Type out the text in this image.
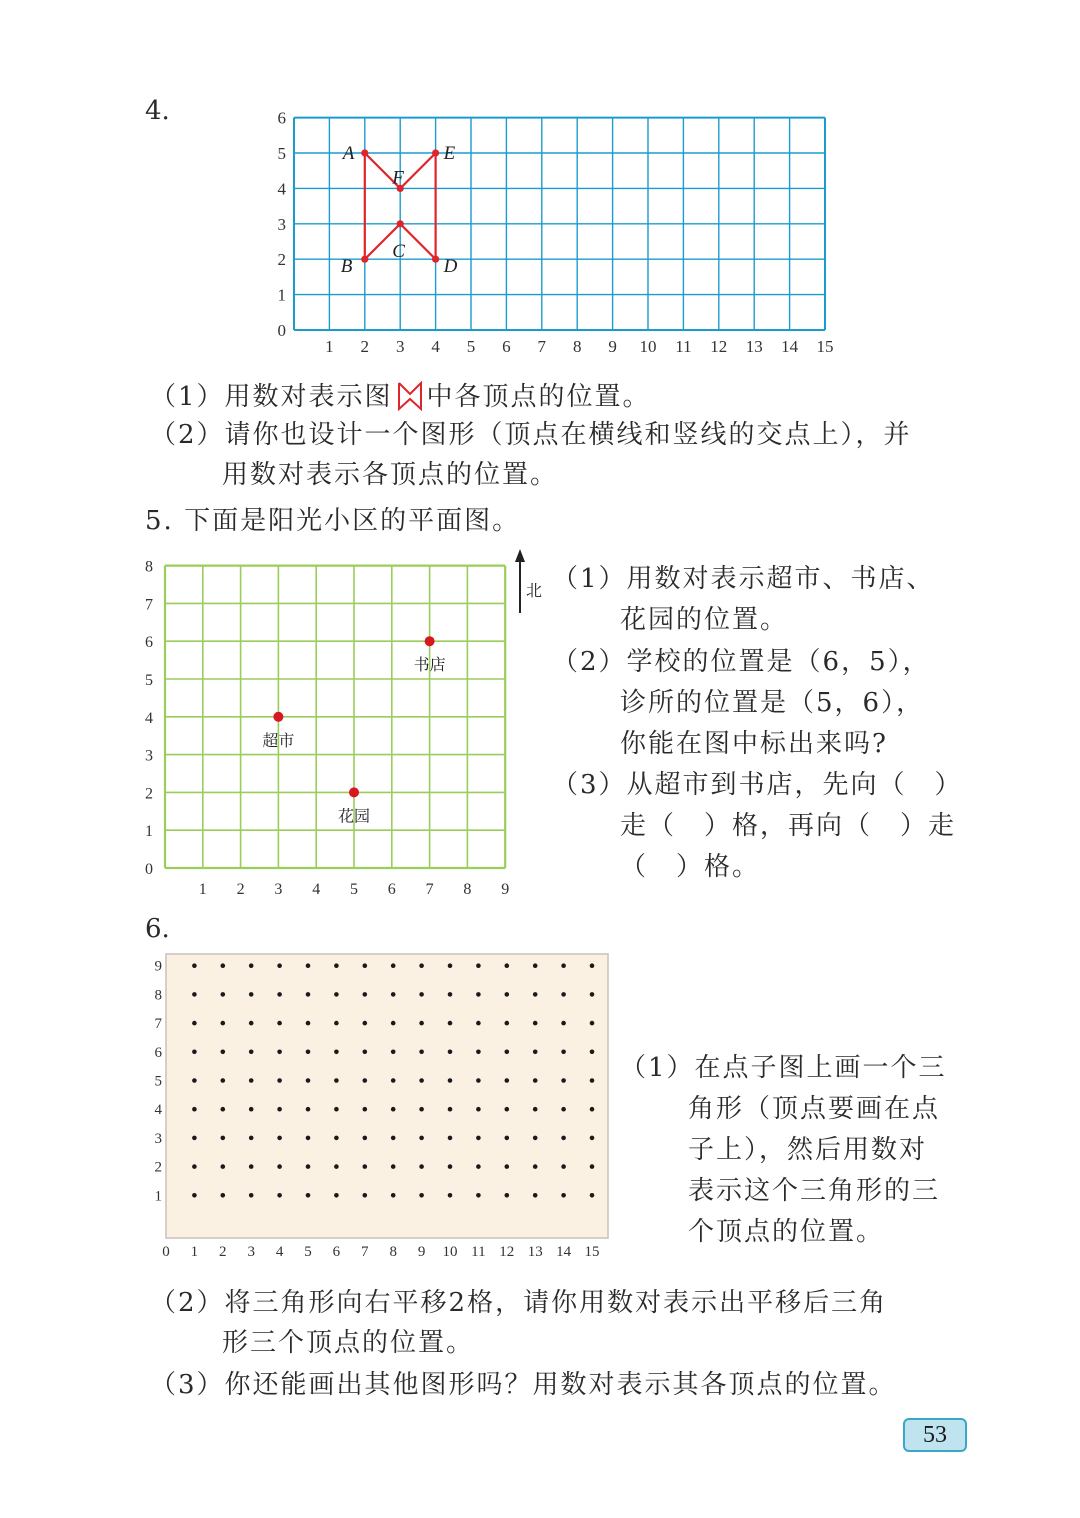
4.
1 2 3 4 5 6 7 8 9 10 11 12 13 14 15
0
1
2
3
4
5
6
A	E
F
C
B	D
（1）用数对表示图 中各顶点的位置。
（2）请你也设计一个图形（顶点在横线和竖线的交点上），并
用数对表示各顶点的位置。
5. 下面是阳光小区的平面图。
1 2 3 4 5 6 7 8 9
0
1
2
3
4
5
6
7
8
北
书店
超市
花园
（1）用数对表示超市、书店、
花园的位置。
（2）学校的位置是（6，5），
诊所的位置是（5，6），
你能在图中标出来吗?
（3）从超市到书店，先向（　）
走（　）格，再向（　）走
（　）格。
6.
0 1 2 3 4 5 6 7 8 9 10 11 12 13 14 15
1
2
3
4
5
6
7
8
9
（1）在点子图上画一个三
角形（顶点要画在点
子上），然后用数对
表示这个三角形的三
个顶点的位置。
（2）将三角形向右平移2格，请你用数对表示出平移后三角
形三个顶点的位置。
（3）你还能画出其他图形吗？用数对表示其各顶点的位置。
53
